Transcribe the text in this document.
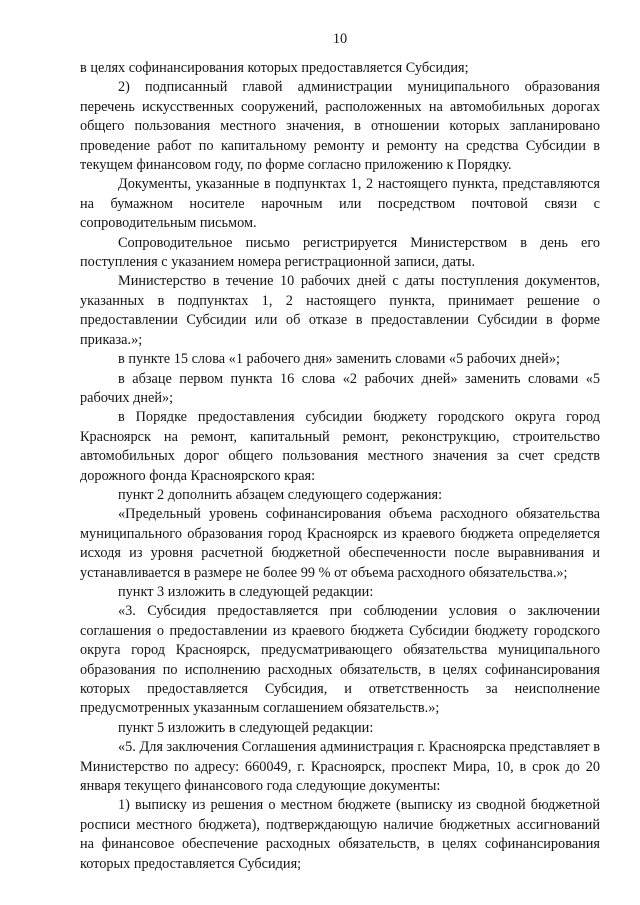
10

в целях софинансирования которых предоставляется Субсидия;

2) подписанный главой администрации муниципального образования перечень искусственных сооружений, расположенных на автомобильных дорогах общего пользования местного значения, в отношении которых запланировано проведение работ по капитальному ремонту и ремонту на средства Субсидии в текущем финансовом году, по форме согласно приложению к Порядку.

Документы, указанные в подпунктах 1, 2 настоящего пункта, представляются на бумажном носителе нарочным или посредством почтовой связи с сопроводительным письмом.

Сопроводительное письмо регистрируется Министерством в день его поступления с указанием номера регистрационной записи, даты.

Министерство в течение 10 рабочих дней с даты поступления документов, указанных в подпунктах 1, 2 настоящего пункта, принимает решение о предоставлении Субсидии или об отказе в предоставлении Субсидии в форме приказа.»;

в пункте 15 слова «1 рабочего дня» заменить словами «5 рабочих дней»;

в абзаце первом пункта 16 слова «2 рабочих дней» заменить словами «5 рабочих дней»;

в Порядке предоставления субсидии бюджету городского округа город Красноярск на ремонт, капитальный ремонт, реконструкцию, строительство автомобильных дорог общего пользования местного значения за счет средств дорожного фонда Красноярского края:

пункт 2 дополнить абзацем следующего содержания:

«Предельный уровень софинансирования объема расходного обязательства муниципального образования город Красноярск из краевого бюджета определяется исходя из уровня расчетной бюджетной обеспеченности после выравнивания и устанавливается в размере не более 99 % от объема расходного обязательства.»;

пункт 3 изложить в следующей редакции:

«3. Субсидия предоставляется при соблюдении условия о заключении соглашения о предоставлении из краевого бюджета Субсидии бюджету городского округа город Красноярск, предусматривающего обязательства муниципального образования по исполнению расходных обязательств, в целях софинансирования которых предоставляется Субсидия, и ответственность за неисполнение предусмотренных указанным соглашением обязательств.»;

пункт 5 изложить в следующей редакции:

«5. Для заключения Соглашения администрация г. Красноярска представляет в Министерство по адресу: 660049, г. Красноярск, проспект Мира, 10, в срок до 20 января текущего финансового года следующие документы:

1) выписку из решения о местном бюджете (выписку из сводной бюджетной росписи местного бюджета), подтверждающую наличие бюджетных ассигнований на финансовое обеспечение расходных обязательств, в целях софинансирования которых предоставляется Субсидия;
